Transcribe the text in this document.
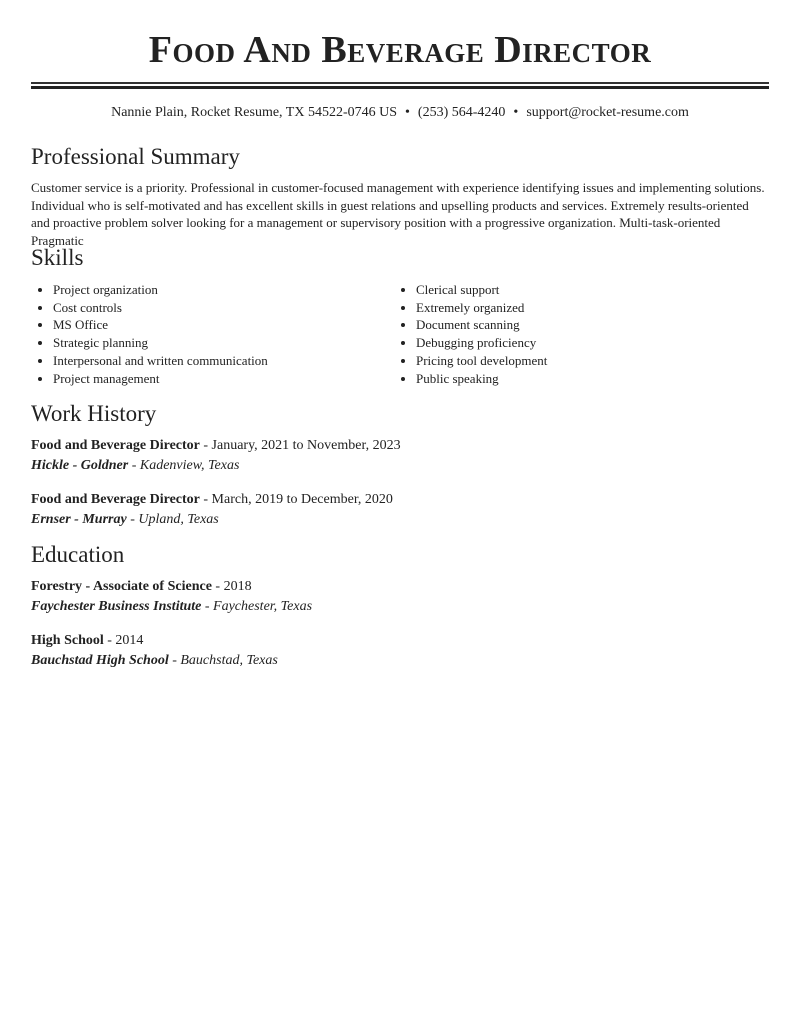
Food And Beverage Director
Nannie Plain, Rocket Resume, TX 54522-0746 US • (253) 564-4240 • support@rocket-resume.com
Professional Summary

Customer service is a priority. Professional in customer-focused management with experience identifying issues and implementing solutions. Individual who is self-motivated and has excellent skills in guest relations and upselling products and services. Extremely results-oriented and proactive problem solver looking for a management or supervisory position with a progressive organization. Multi-task-oriented Pragmatic

Skills
• Project organization
• Cost controls
• MS Office
• Strategic planning
• Interpersonal and written communication
• Project management
• Clerical support
• Extremely organized
• Document scanning
• Debugging proficiency
• Pricing tool development
• Public speaking
Work History
Food and Beverage Director - January, 2021 to November, 2023
Hickle - Goldner - Kadenview, Texas
Food and Beverage Director - March, 2019 to December, 2020
Ernser - Murray - Upland, Texas
Education
Forestry - Associate of Science - 2018
Faychester Business Institute - Faychester, Texas
High School - 2014
Bauchstad High School - Bauchstad, Texas
